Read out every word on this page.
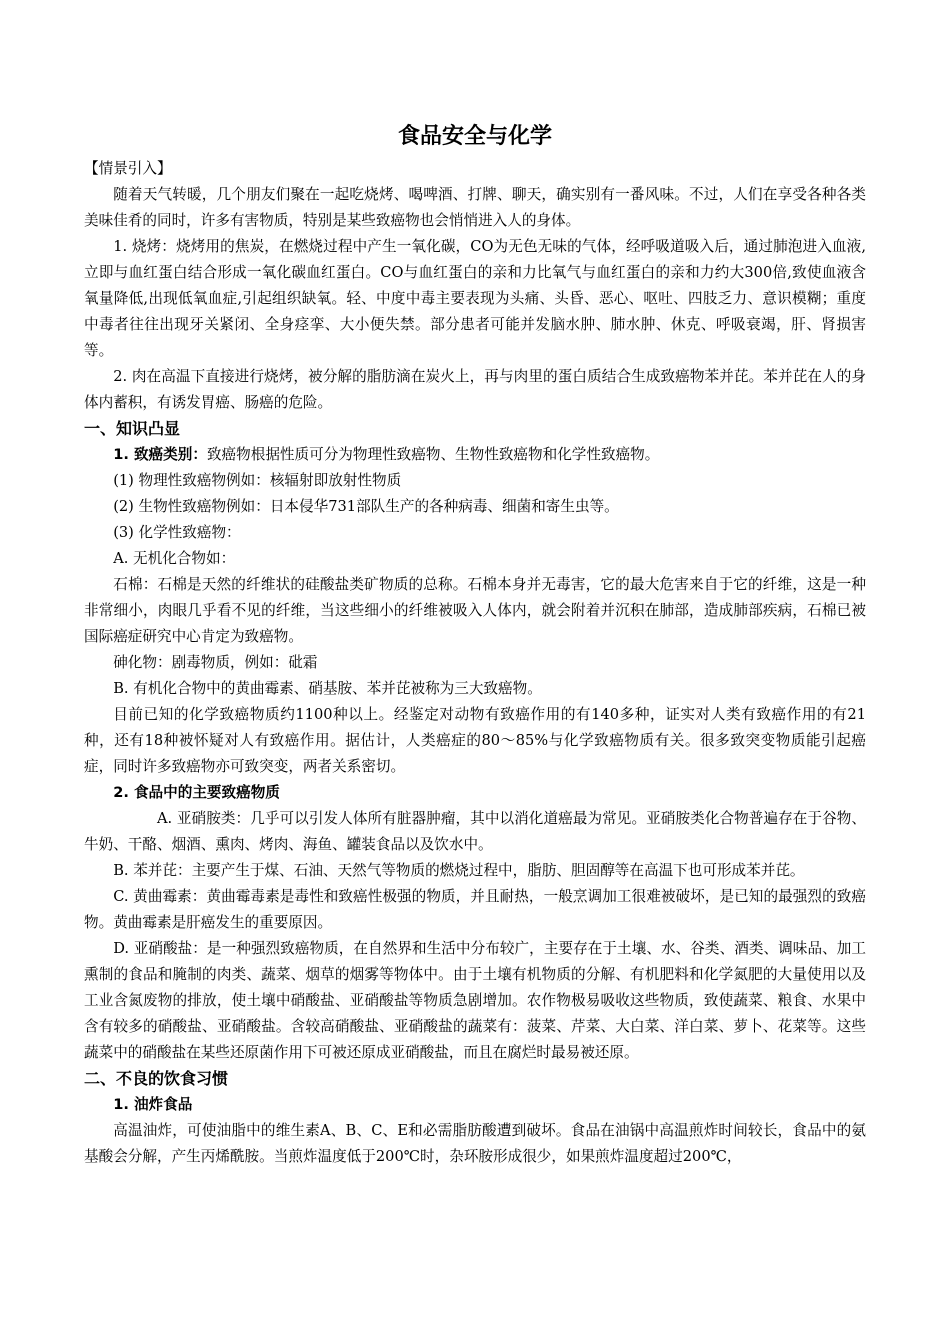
食品安全与化学

【情景引入】

随着天气转暖，几个朋友们聚在一起吃烧烤、喝啤酒、打牌、聊天，确实别有一番风味。不过，人们在享受各种各类美味佳肴的同时，许多有害物质，特别是某些致癌物也会悄悄进入人的身体。

1. 烧烤：烧烤用的焦炭，在燃烧过程中产生一氧化碳，CO为无色无味的气体，经呼吸道吸入后，通过肺泡进入血液,立即与血红蛋白结合形成一氧化碳血红蛋白。CO与血红蛋白的亲和力比氧气与血红蛋白的亲和力约大300倍,致使血液含氧量降低,出现低氧血症,引起组织缺氧。轻、中度中毒主要表现为头痛、头昏、恶心、呕吐、四肢乏力、意识模糊；重度中毒者往往出现牙关紧闭、全身痉挛、大小便失禁。部分患者可能并发脑水肿、肺水肿、休克、呼吸衰竭，肝、肾损害等。

2. 肉在高温下直接进行烧烤，被分解的脂肪滴在炭火上，再与肉里的蛋白质结合生成致癌物苯并芘。苯并芘在人的身体内蓄积，有诱发胃癌、肠癌的危险。

一、知识凸显

1. 致癌类别：致癌物根据性质可分为物理性致癌物、生物性致癌物和化学性致癌物。

(1) 物理性致癌物例如：核辐射即放射性物质

(2) 生物性致癌物例如：日本侵华731部队生产的各种病毒、细菌和寄生虫等。

(3) 化学性致癌物：

A. 无机化合物如：

石棉：石棉是天然的纤维状的硅酸盐类矿物质的总称。石棉本身并无毒害，它的最大危害来自于它的纤维，这是一种非常细小，肉眼几乎看不见的纤维，当这些细小的纤维被吸入人体内，就会附着并沉积在肺部，造成肺部疾病，石棉已被国际癌症研究中心肯定为致癌物。

砷化物：剧毒物质，例如：砒霜

B. 有机化合物中的黄曲霉素、硝基胺、苯并芘被称为三大致癌物。

目前已知的化学致癌物质约1100种以上。经鉴定对动物有致癌作用的有140多种，证实对人类有致癌作用的有21种，还有18种被怀疑对人有致癌作用。据估计，人类癌症的80～85%与化学致癌物质有关。很多致突变物质能引起癌症，同时许多致癌物亦可致突变，两者关系密切。

2. 食品中的主要致癌物质

A. 亚硝胺类：几乎可以引发人体所有脏器肿瘤，其中以消化道癌最为常见。亚硝胺类化合物普遍存在于谷物、牛奶、干酪、烟酒、熏肉、烤肉、海鱼、罐装食品以及饮水中。

B. 苯并芘：主要产生于煤、石油、天然气等物质的燃烧过程中，脂肪、胆固醇等在高温下也可形成苯并芘。

C. 黄曲霉素：黄曲霉毒素是毒性和致癌性极强的物质，并且耐热，一般烹调加工很难被破坏，是已知的最强烈的致癌物。黄曲霉素是肝癌发生的重要原因。

D. 亚硝酸盐：是一种强烈致癌物质，在自然界和生活中分布较广，主要存在于土壤、水、谷类、酒类、调味品、加工熏制的食品和腌制的肉类、蔬菜、烟草的烟雾等物体中。由于土壤有机物质的分解、有机肥料和化学氮肥的大量使用以及工业含氮废物的排放，使土壤中硝酸盐、亚硝酸盐等物质急剧增加。农作物极易吸收这些物质，致使蔬菜、粮食、水果中含有较多的硝酸盐、亚硝酸盐。含较高硝酸盐、亚硝酸盐的蔬菜有：菠菜、芹菜、大白菜、洋白菜、萝卜、花菜等。这些蔬菜中的硝酸盐在某些还原菌作用下可被还原成亚硝酸盐，而且在腐烂时最易被还原。

二、不良的饮食习惯

1. 油炸食品

高温油炸，可使油脂中的维生素A、B、C、E和必需脂肪酸遭到破坏。食品在油锅中高温煎炸时间较长，食品中的氨基酸会分解，产生丙烯酰胺。当煎炸温度低于200℃时，杂环胺形成很少，如果煎炸温度超过200℃，
